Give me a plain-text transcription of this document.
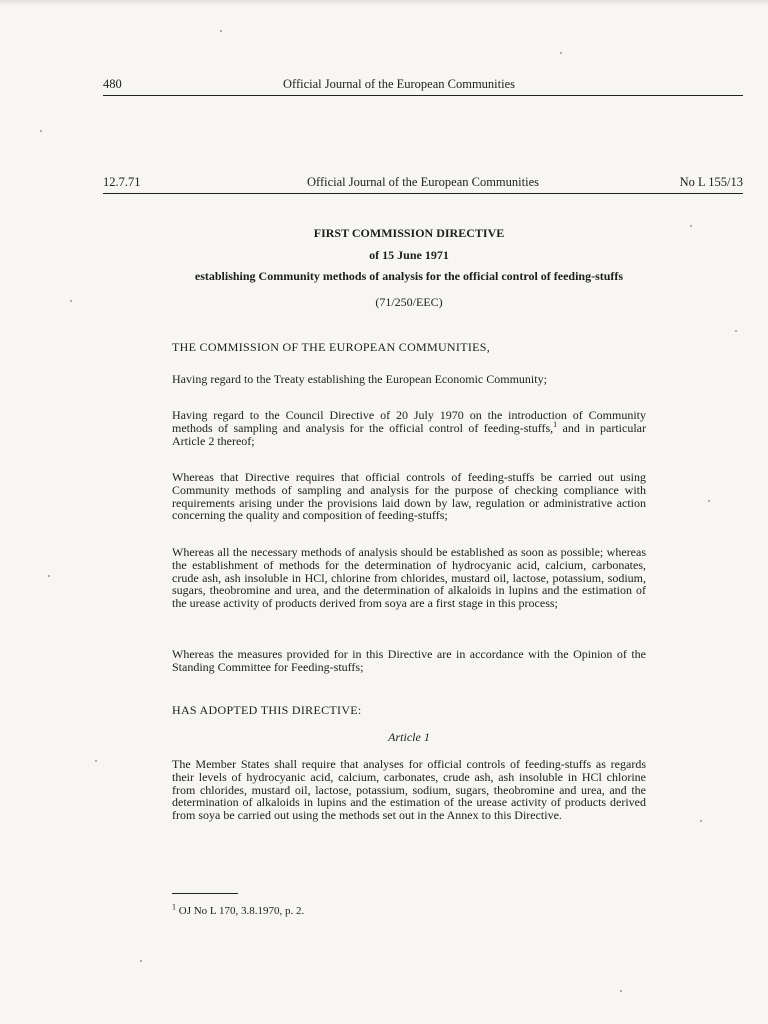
480	Official Journal of the European Communities
12.7.71	Official Journal of the European Communities	No L 155/13
FIRST COMMISSION DIRECTIVE
of 15 June 1971
establishing Community methods of analysis for the official control of feeding-stuffs
(71/250/EEC)
THE COMMISSION OF THE EUROPEAN COMMUNITIES,
Having regard to the Treaty establishing the European Economic Community;
Having regard to the Council Directive of 20 July 1970 on the introduction of Community methods of sampling and analysis for the official control of feeding-stuffs,$^1$ and in particular Article 2 thereof;
Whereas that Directive requires that official controls of feeding-stuffs be carried out using Community methods of sampling and analysis for the purpose of checking compliance with requirements arising under the provisions laid down by law, regulation or administrative action concerning the quality and composition of feeding-stuffs;
Whereas all the necessary methods of analysis should be established as soon as possible; whereas the establishment of methods for the determination of hydrocyanic acid, calcium, carbonates, crude ash, ash insoluble in HCl, chlorine from chlorides, mustard oil, lactose, potassium, sodium, sugars, theobromine and urea, and the determination of alkaloids in lupins and the estimation of the urease activity of products derived from soya are a first stage in this process;
Whereas the measures provided for in this Directive are in accordance with the Opinion of the Standing Committee for Feeding-stuffs;
HAS ADOPTED THIS DIRECTIVE:
Article 1
The Member States shall require that analyses for official controls of feeding-stuffs as regards their levels of hydrocyanic acid, calcium, carbonates, crude ash, ash insoluble in HCl chlorine from chlorides, mustard oil, lactose, potassium, sodium, sugars, theobromine and urea, and the determination of alkaloids in lupins and the estimation of the urease activity of products derived from soya be carried out using the methods set out in the Annex to this Directive.
$^1$ OJ No L 170, 3.8.1970, p. 2.
